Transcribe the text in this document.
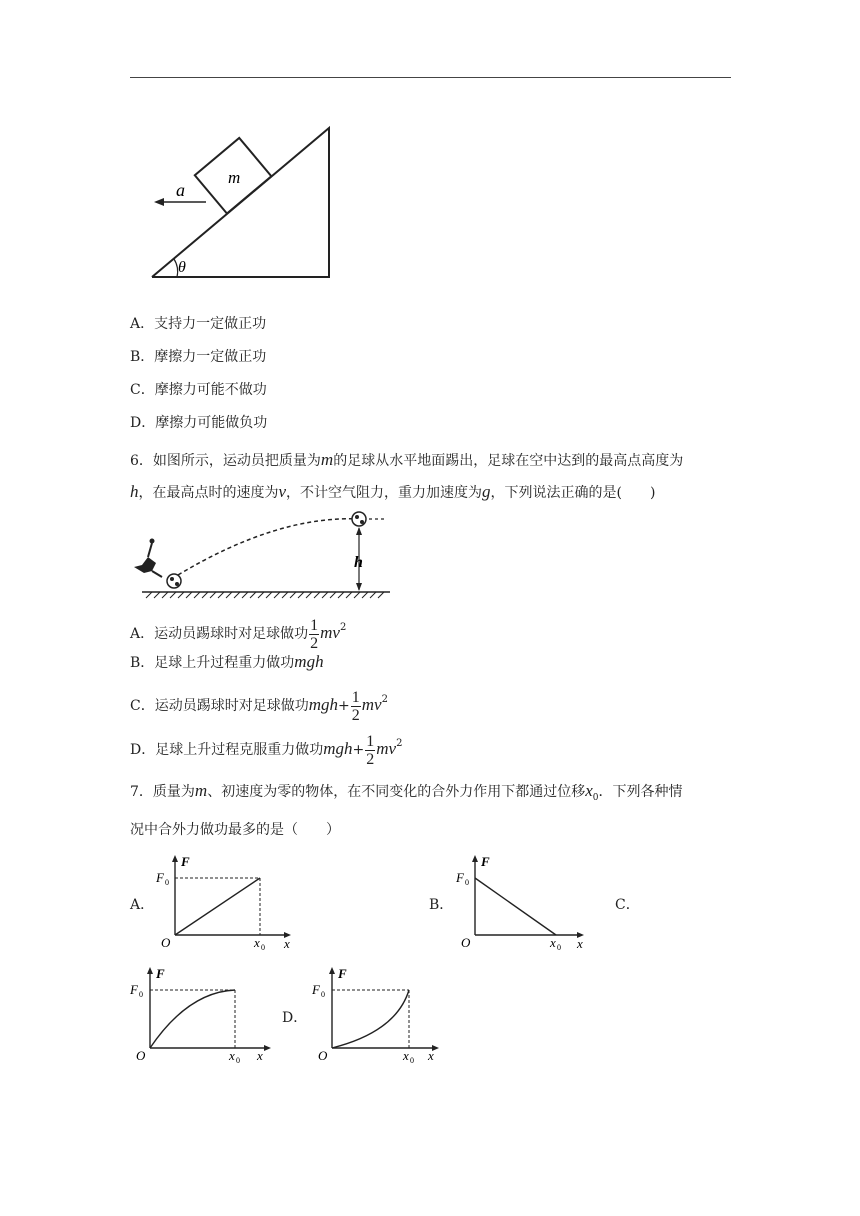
m
a
θ
A．支持力一定做正功
B．摩擦力一定做正功
C．摩擦力可能不做功
D．摩擦力可能做负功
6．如图所示，运动员把质量为m的足球从水平地面踢出，足球在空中达到的最高点高度为
h，在最高点时的速度为v，不计空气阻力，重力加速度为g，下列说法正确的是(　　)
h
A．运动员踢球时对足球做功 $\frac{1}{2} mv^2$
B．足球上升过程重力做功mgh
C．运动员踢球时对足球做功$mgh+ \frac{1}{2} mv^2$
D．足球上升过程克服重力做功$mgh+ \frac{1}{2} mv^2$
7．质量为m、初速度为零的物体，在不同变化的合外力作用下都通过位移$x_0$．下列各种情
况中合外力做功最多的是（　　）
A．	B．	C．
D．
F
F 0
O	x 0 x
F
F 0
O	x 0 x
F
F 0
O	x 0 x
F
F 0
O	x 0 x
